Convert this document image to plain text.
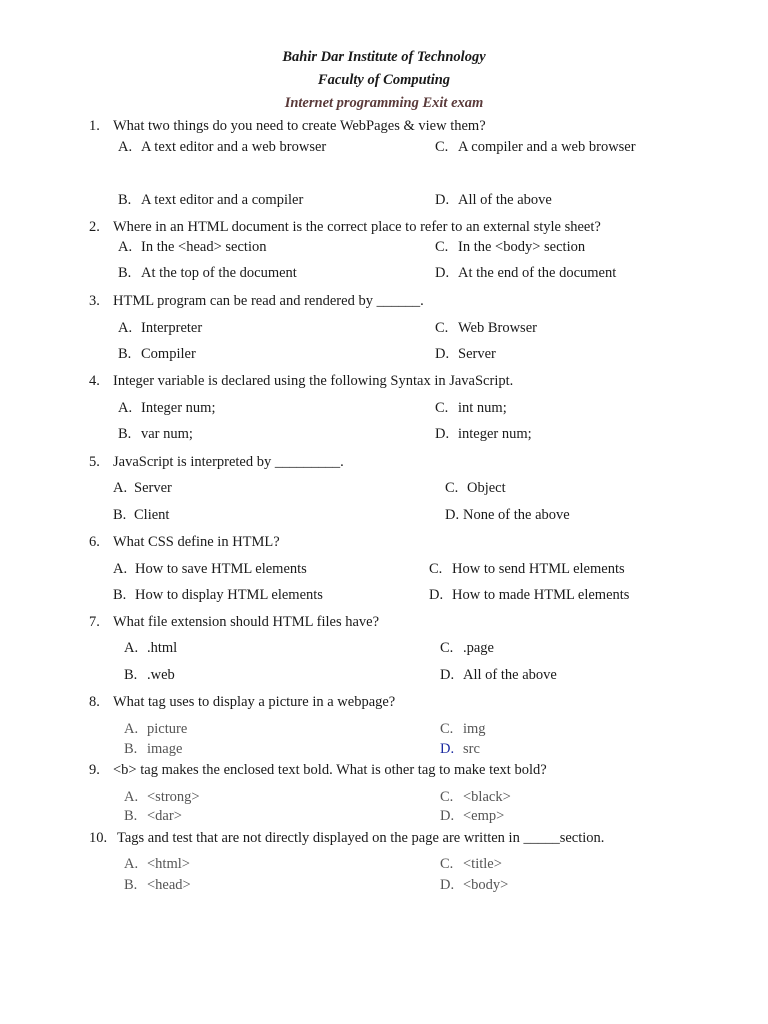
Bahir Dar Institute of Technology
Faculty of Computing
Internet programming Exit exam
1. What two things do you need to create WebPages & view them?
A. A text editor and a web browser
B. A text editor and a compiler
C. A compiler and a web browser
D. All of the above
2. Where in an HTML document is the correct place to refer to an external style sheet?
A. In the <head> section
B. At the top of the document
C. In the <body> section
D. At the end of the document
3. HTML program can be read and rendered by ______.
A. Interpreter
B. Compiler
C. Web Browser
D. Server
4. Integer variable is declared using the following Syntax in JavaScript.
A. Integer num;
B. var num;
C. int num;
D. integer num;
5. JavaScript is interpreted by _________.
A. Server
B. Client
C. Object
D. None of the above
6. What CSS define in HTML?
A. How to save HTML elements
B. How to display HTML elements
C. How to send HTML elements
D. How to made HTML elements
7. What file extension should HTML files have?
A. .html
B. .web
C. .page
D. All of the above
8. What tag uses to display a picture in a webpage?
A. picture
B. image
C. img
D. src
9. <b> tag makes the enclosed text bold. What is other tag to make text bold?
A. <strong>
B. <dar>
C. <black>
D. <emp>
10. Tags and test that are not directly displayed on the page are written in _____section.
A. <html>
B. <head>
C. <title>
D. <body>
